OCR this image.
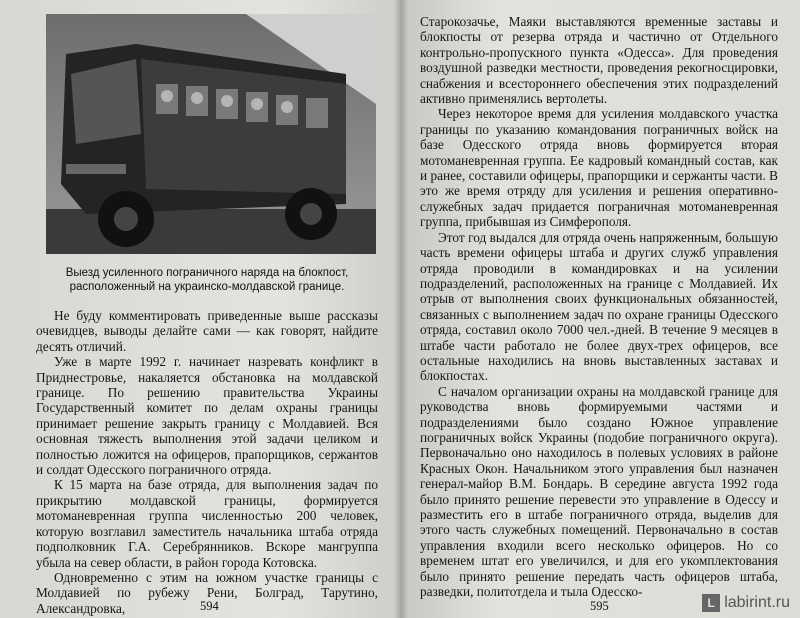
Выезд усиленного пограничного наряда на блокпост,
расположенный на украинско-молдавской границе.

Не буду комментировать приведенные выше рассказы очевидцев, выводы делайте сами — как говорят, найдите десять отличий.

Уже в марте 1992 г. начинает назревать конфликт в Приднестровье, накаляется обстановка на молдавской границе. По решению правительства Украины Государственный комитет по делам охраны границы принимает решение закрыть границу с Молдавией. Вся основная тяжесть выполнения этой задачи целиком и полностью ложится на офицеров, прапорщиков, сержантов и солдат Одесского пограничного отряда.

К 15 марта на базе отряда, для выполнения задач по прикрытию молдавской границы, формируется мотоманевренная группа численностью 200 человек, которую возглавил заместитель начальника штаба отряда подполковник Г.А. Серебрянников. Вскоре мангруппа убыла на север области, в район города Котовска.

Одновременно с этим на южном участке границы с Молдавией по рубежу Рени, Болград, Тарутино, Александровка,	594

Старокозачье, Маяки выставляются временные заставы и блокпосты от резерва отряда и частично от Отдельного контрольно-пропускного пункта «Одесса». Для проведения воздушной разведки местности, проведения рекогносцировки, снабжения и всестороннего обеспечения этих подразделений активно применялись вертолеты.

Через некоторое время для усиления молдавского участка границы по указанию командования пограничных войск на базе Одесского отряда вновь формируется вторая мотоманевренная группа. Ее кадровый командный состав, как и ранее, составили офицеры, прапорщики и сержанты части. В это же время отряду для усиления и решения оперативно-служебных задач придается пограничная мотоманевренная группа, прибывшая из Симферополя.

Этот год выдался для отряда очень напряженным, большую часть времени офицеры штаба и других служб управления отряда проводили в командировках и на усилении подразделений, расположенных на границе с Молдавией. Их отрыв от выполнения своих функциональных обязанностей, связанных с выполнением задач по охране границы Одесского отряда, составил около 7000 чел.-дней. В течение 9 месяцев в штабе части работало не более двух-трех офицеров, все остальные находились на вновь выставленных заставах и блокпостах.

С началом организации охраны на молдавской границе для руководства вновь формируемыми частями и подразделениями было создано Южное управление пограничных войск Украины (подобие пограничного округа). Первоначально оно находилось в полевых условиях в районе Красных Окон. Начальником этого управления был назначен генерал-майор В.М. Бондарь. В середине августа 1992 года было принято решение перевести это управление в Одессу и разместить его в штабе пограничного отряда, выделив для этого часть служебных помещений. Первоначально в состав управления входили всего несколько офицеров. Но со временем штат его увеличился, и для его укомплектования было принято решение передать часть офицеров штаба, разведки, политотдела и тыла Одесско-

595	L labirint.ru
